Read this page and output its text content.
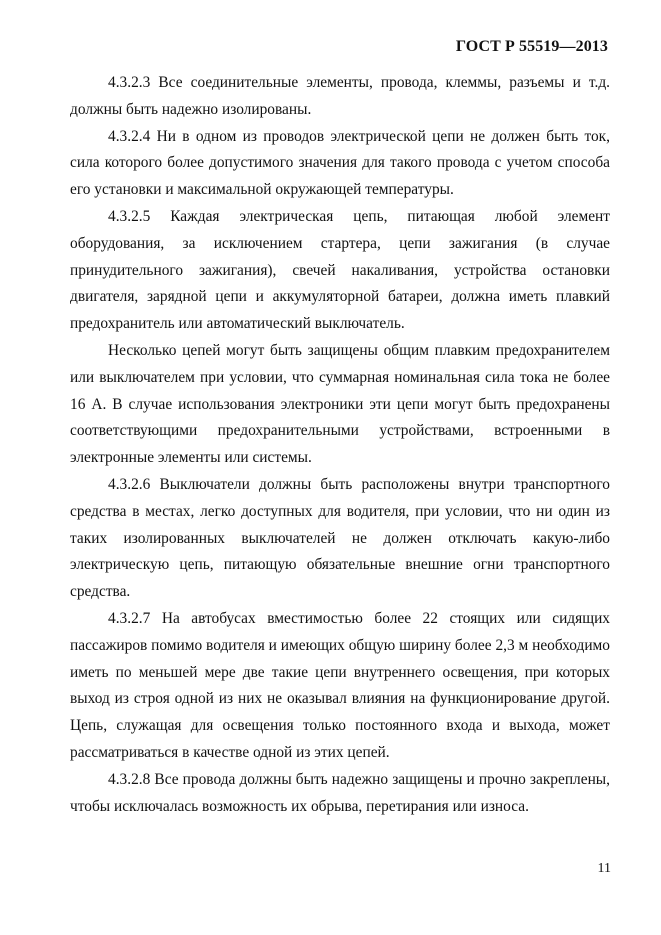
ГОСТ Р 55519—2013

4.3.2.3 Все соединительные элементы, провода, клеммы, разъемы и т.д. должны быть надежно изолированы.

4.3.2.4 Ни в одном из проводов электрической цепи не должен быть ток, сила которого более допустимого значения для такого провода с учетом способа его установки и максимальной окружающей температуры.

4.3.2.5 Каждая электрическая цепь, питающая любой элемент оборудования, за исключением стартера, цепи зажигания (в случае принудительного зажигания), свечей накаливания, устройства остановки двигателя, зарядной цепи и аккумуляторной батареи, должна иметь плавкий предохранитель или автоматический выключатель.

Несколько цепей могут быть защищены общим плавким предохранителем или выключателем при условии, что суммарная номинальная сила тока не более 16 А. В случае использования электроники эти цепи могут быть предохранены соответствующими предохранительными устройствами, встроенными в электронные элементы или системы.

4.3.2.6 Выключатели должны быть расположены внутри транспортного средства в местах, легко доступных для водителя, при условии, что ни один из таких изолированных выключателей не должен отключать какую-либо электрическую цепь, питающую обязательные внешние огни транспортного средства.

4.3.2.7 На автобусах вместимостью более 22 стоящих или сидящих пассажиров помимо водителя и имеющих общую ширину более 2,3 м необходимо иметь по меньшей мере две такие цепи внутреннего освещения, при которых выход из строя одной из них не оказывал влияния на функционирование другой. Цепь, служащая для освещения только постоянного входа и выхода, может рассматриваться в качестве одной из этих цепей.

4.3.2.8 Все провода должны быть надежно защищены и прочно закреплены, чтобы исключалась возможность их обрыва, перетирания или износа.

11
